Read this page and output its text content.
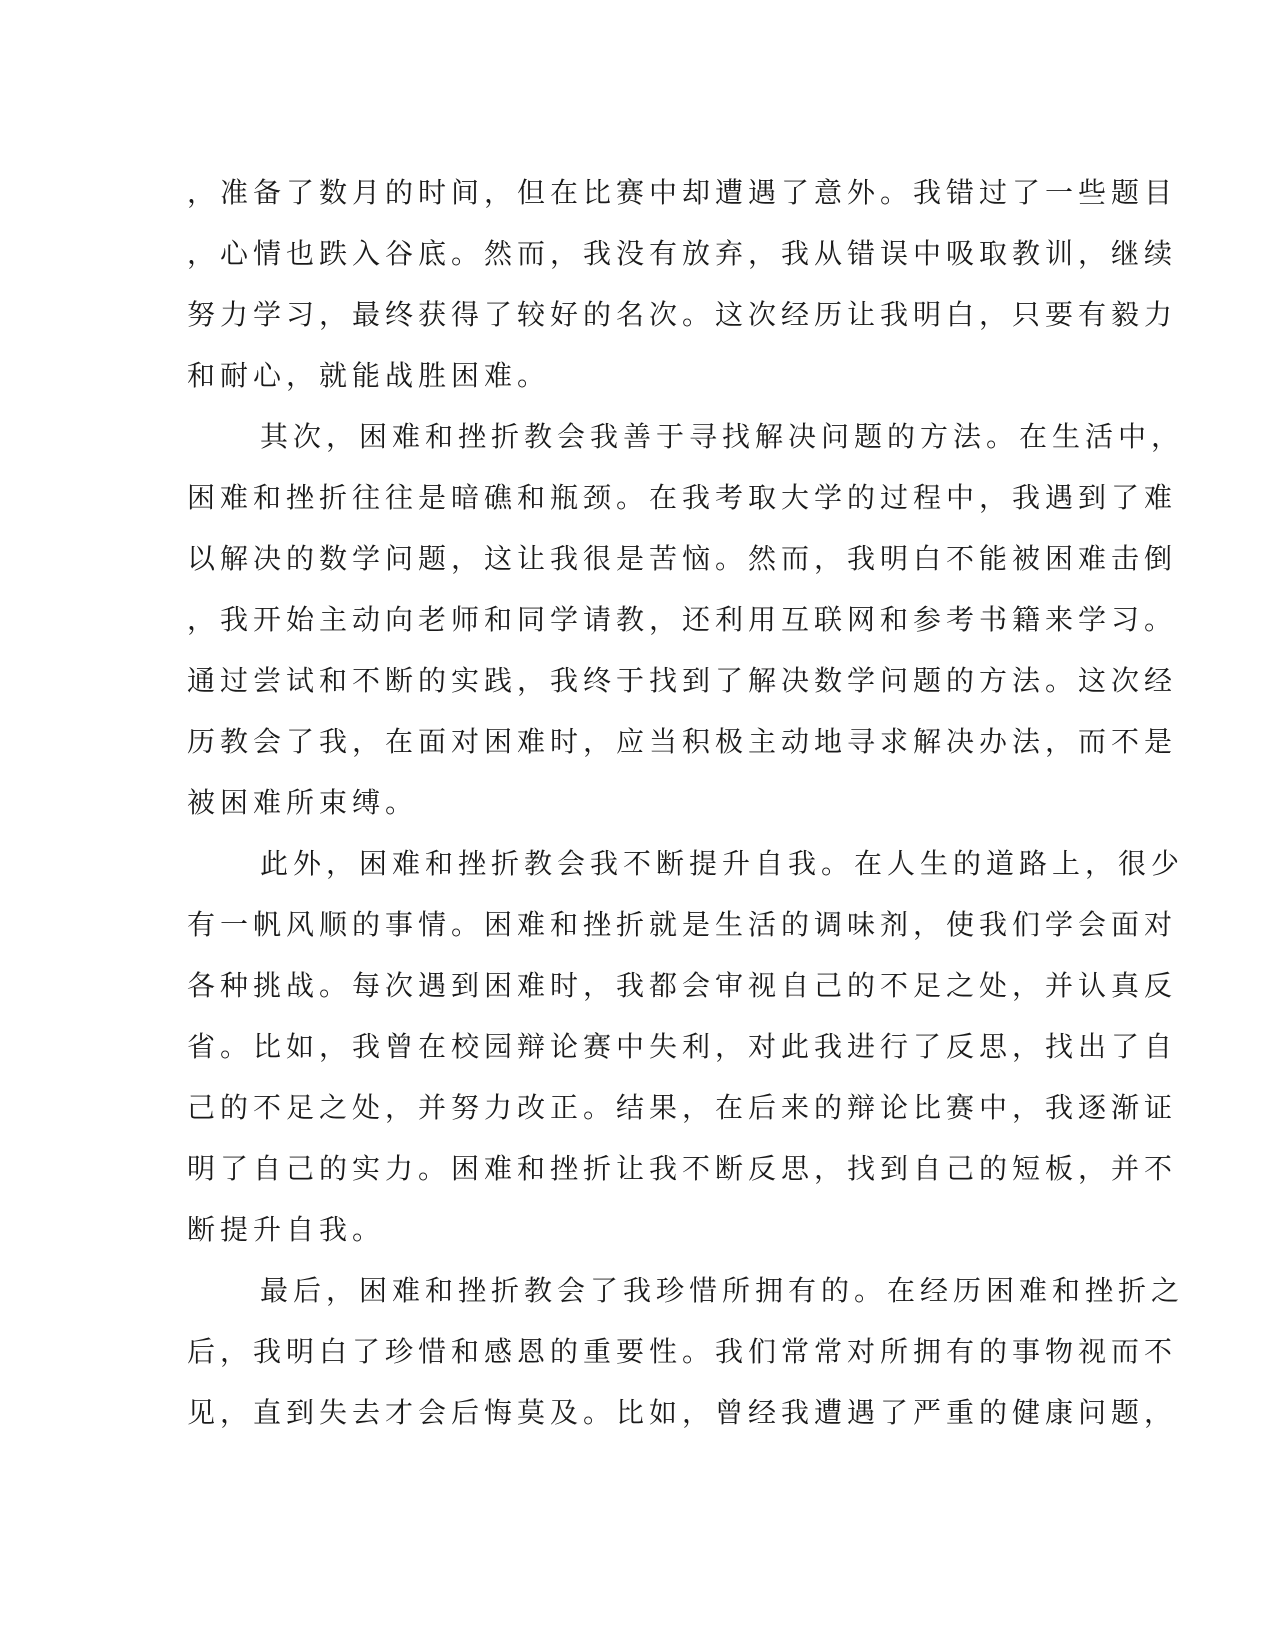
，准备了数月的时间，但在比赛中却遭遇了意外。我错过了一些题目
，心情也跌入谷底。然而，我没有放弃，我从错误中吸取教训，继续
努力学习，最终获得了较好的名次。这次经历让我明白，只要有毅力
和耐心，就能战胜困难。
其次，困难和挫折教会我善于寻找解决问题的方法。在生活中，
困难和挫折往往是暗礁和瓶颈。在我考取大学的过程中，我遇到了难
以解决的数学问题，这让我很是苦恼。然而，我明白不能被困难击倒
，我开始主动向老师和同学请教，还利用互联网和参考书籍来学习。
通过尝试和不断的实践，我终于找到了解决数学问题的方法。这次经
历教会了我，在面对困难时，应当积极主动地寻求解决办法，而不是
被困难所束缚。
此外，困难和挫折教会我不断提升自我。在人生的道路上，很少
有一帆风顺的事情。困难和挫折就是生活的调味剂，使我们学会面对
各种挑战。每次遇到困难时，我都会审视自己的不足之处，并认真反
省。比如，我曾在校园辩论赛中失利，对此我进行了反思，找出了自
己的不足之处，并努力改正。结果，在后来的辩论比赛中，我逐渐证
明了自己的实力。困难和挫折让我不断反思，找到自己的短板，并不
断提升自我。
最后，困难和挫折教会了我珍惜所拥有的。在经历困难和挫折之
后，我明白了珍惜和感恩的重要性。我们常常对所拥有的事物视而不
见，直到失去才会后悔莫及。比如，曾经我遭遇了严重的健康问题，
